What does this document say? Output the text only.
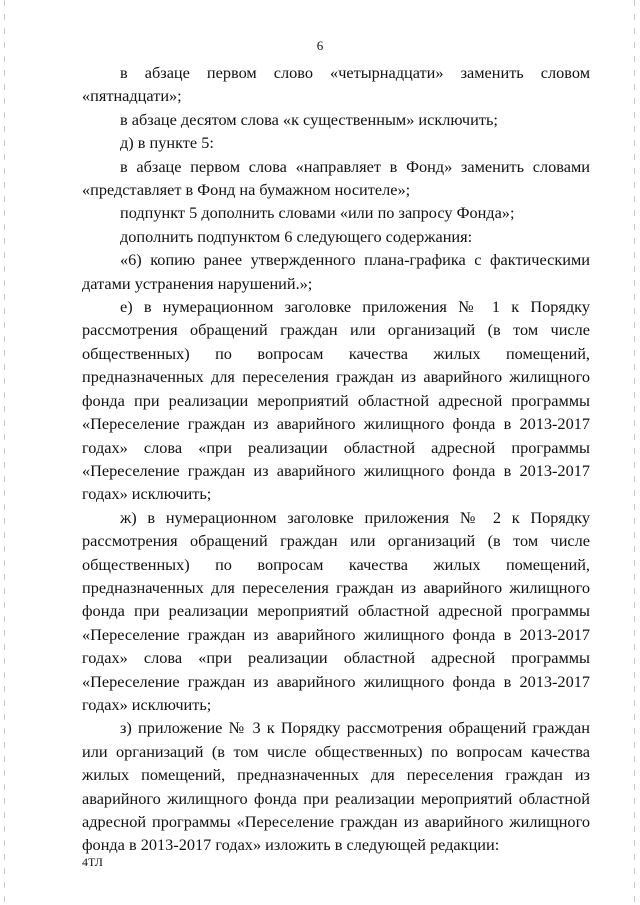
6

в абзаце первом слово «четырнадцати» заменить словом «пятнадцати»;

в абзаце десятом слова «к существенным» исключить;

д) в пункте 5:

в абзаце первом слова «направляет в Фонд» заменить словами «представляет в Фонд на бумажном носителе»;

подпункт 5 дополнить словами «или по запросу Фонда»;

дополнить подпунктом 6 следующего содержания:

«6) копию ранее утвержденного плана-графика с фактическими датами устранения нарушений.»;

е) в нумерационном заголовке приложения № 1 к Порядку рассмотрения обращений граждан или организаций (в том числе общественных) по вопросам качества жилых помещений, предназначенных для переселения граждан из аварийного жилищного фонда при реализации мероприятий областной адресной программы «Переселение граждан из аварийного жилищного фонда в 2013-2017 годах» слова «при реализации областной адресной программы «Переселение граждан из аварийного жилищного фонда в 2013-2017 годах» исключить;

ж) в нумерационном заголовке приложения № 2 к Порядку рассмотрения обращений граждан или организаций (в том числе общественных) по вопросам качества жилых помещений, предназначенных для переселения граждан из аварийного жилищного фонда при реализации мероприятий областной адресной программы «Переселение граждан из аварийного жилищного фонда в 2013-2017 годах» слова «при реализации областной адресной программы «Переселение граждан из аварийного жилищного фонда в 2013-2017 годах» исключить;

з) приложение № 3 к Порядку рассмотрения обращений граждан или организаций (в том числе общественных) по вопросам качества жилых помещений, предназначенных для переселения граждан из аварийного жилищного фонда при реализации мероприятий областной адресной программы «Переселение граждан из аварийного жилищного фонда в 2013-2017 годах» изложить в следующей редакции:

4ТЛ
